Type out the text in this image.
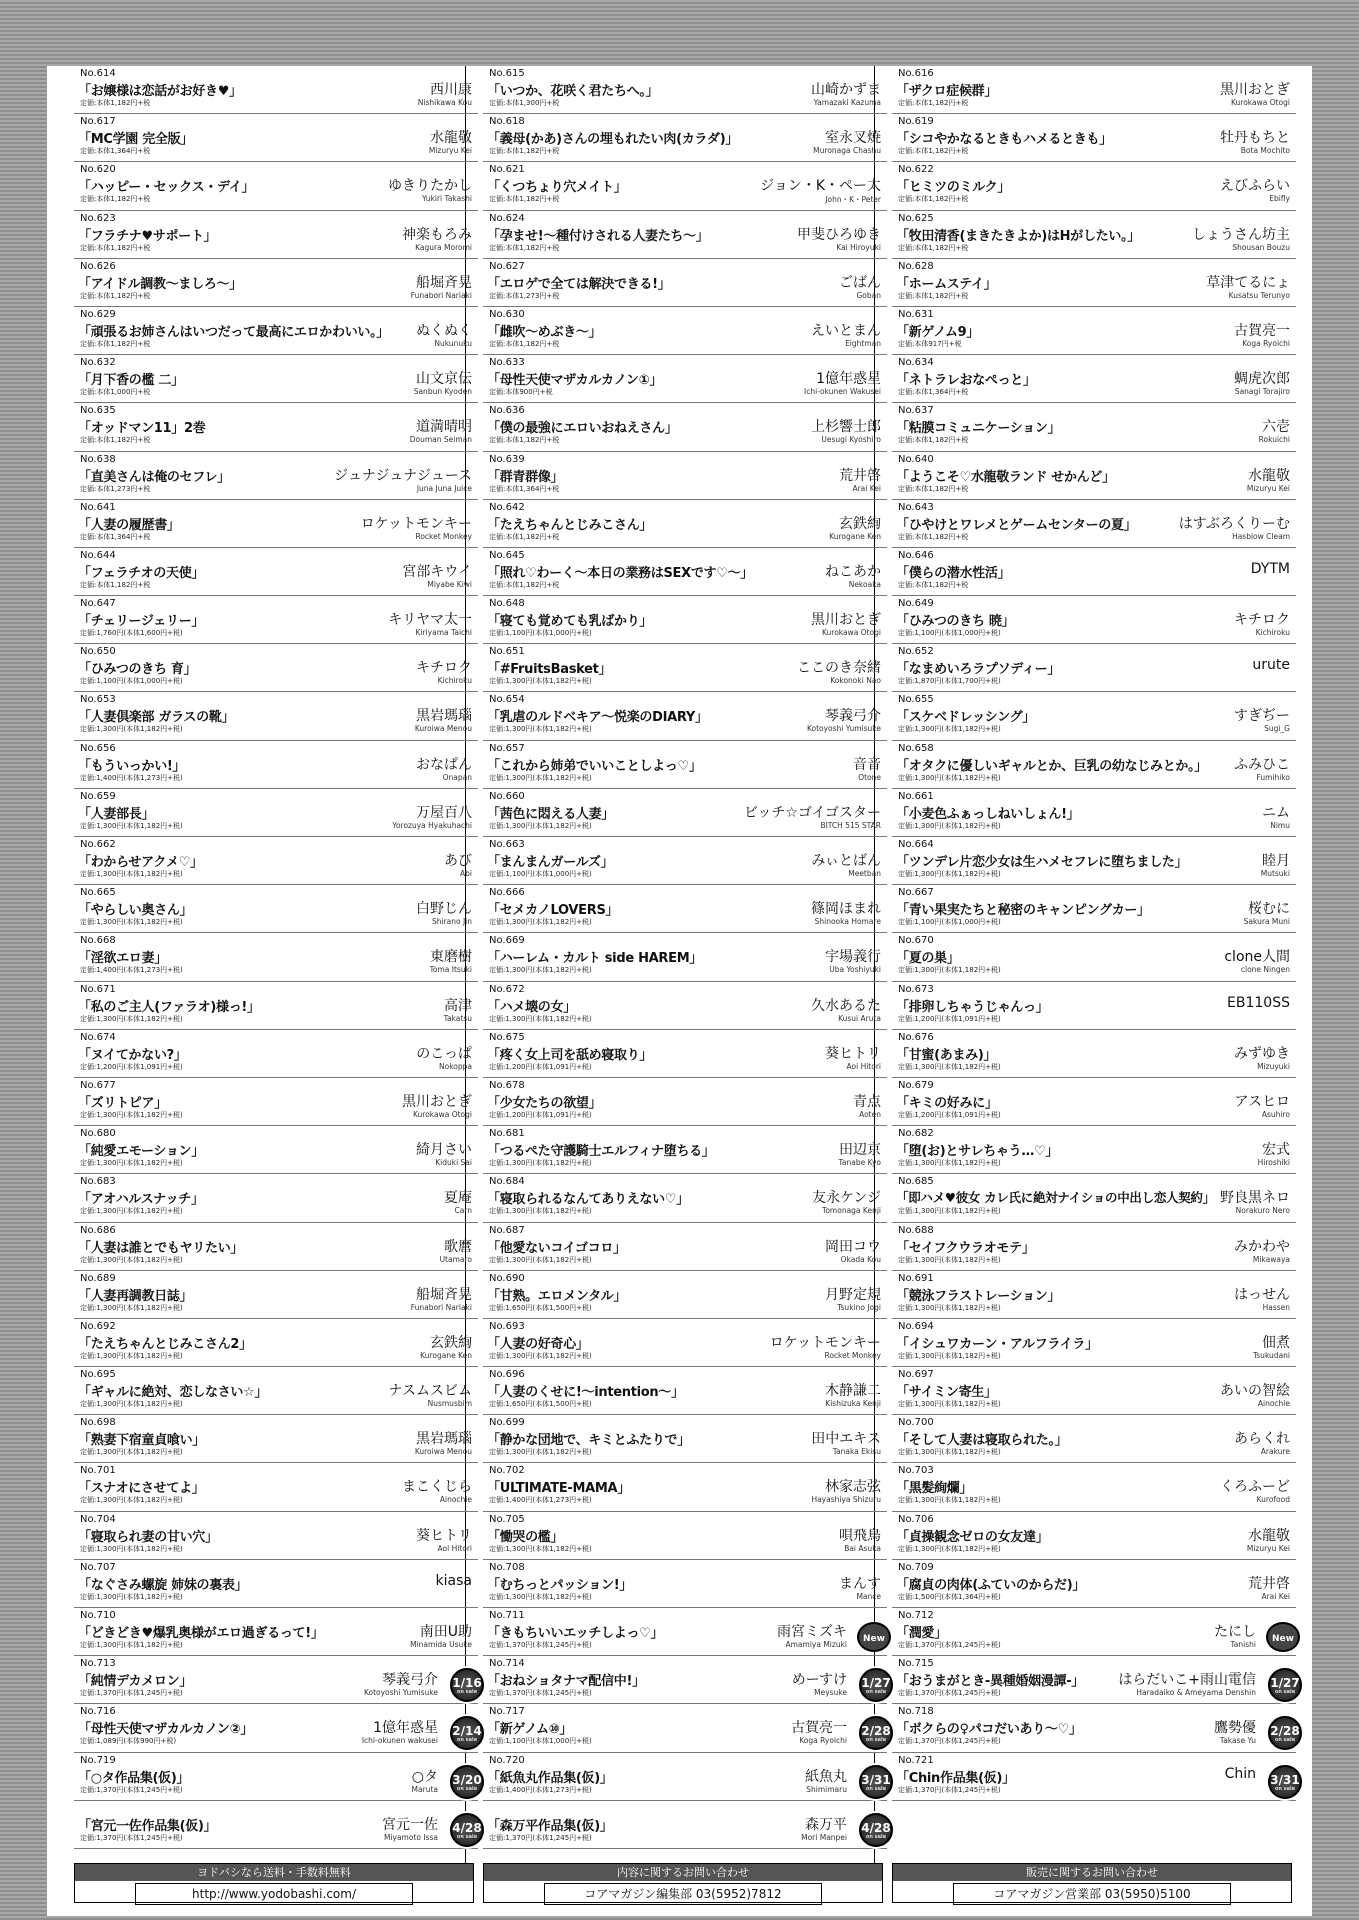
No.614
「お嬢様は恋話がお好き♥」
定価:本体1,182円+税
西川康
Nishikawa Kou
No.617
「MC学園 完全版」
定価:本体1,364円+税
水龍敬
Mizuryu Kei
No.620
「ハッピー・セックス・デイ」
定価:本体1,182円+税
ゆきりたかし
Yukiri Takashi
No.623
「フラチナ♥サポート」
定価:本体1,182円+税
神楽もろみ
Kagura Moromi
No.626
「アイドル調教～ましろ～」
定価:本体1,182円+税
船堀斉晃
Funabori Nariaki
No.629
「頑張るお姉さんはいつだって最高にエロかわいい。」
定価:本体1,182円+税
ぬくぬく
Nukunuku
No.632
「月下香の檻 二」
定価:本体1,000円+税
山文京伝
Sanbun Kyoden
No.635
「オッドマン11」2巻
定価:本体1,182円+税
道満晴明
Douman Seiman
No.638
「直美さんは俺のセフレ」
定価:本体1,273円+税
ジュナジュナジュース
Juna Juna Juice
No.641
「人妻の履歴書」
定価:本体1,364円+税
ロケットモンキー
Rocket Monkey
No.644
「フェラチオの天使」
定価:本体1,182円+税
宮部キウイ
Miyabe Kiwi
No.647
「チェリージェリー」
定価:1,760円(本体1,600円+税)
キリヤマ太一
Kiriyama Taichi
No.650
「ひみつのきち 育」
定価:1,100円(本体1,000円+税)
キチロク
Kichiroku
No.653
「人妻倶楽部 ガラスの靴」
定価:1,300円(本体1,182円+税)
黒岩瑪瑙
Kuroiwa Menou
No.656
「もういっかい!」
定価:1,400円(本体1,273円+税)
おなぱん
Onapan
No.659
「人妻部長」
定価:1,300円(本体1,182円+税)
万屋百八
Yorozuya Hyakuhachi
No.662
「わからせアクメ♡」
定価:1,300円(本体1,182円+税)
あび
Abi
No.665
「やらしい奥さん」
定価:1,300円(本体1,182円+税)
白野じん
Shirano Jin
No.668
「淫欲エロ妻」
定価:1,400円(本体1,273円+税)
東磨樹
Toma Itsuki
No.671
「私のご主人(ファラオ)様っ!」
定価:1,300円(本体1,182円+税)
高津
Takatsu
No.674
「ヌイてかない?」
定価:1,200円(本体1,091円+税)
のこっぱ
Nokoppa
No.677
「ズリトピア」
定価:1,300円(本体1,182円+税)
黒川おとぎ
Kurokawa Otogi
No.680
「純愛エモーション」
定価:1,300円(本体1,182円+税)
綺月さい
Kiduki Sai
No.683
「アオハルスナッチ」
定価:1,300円(本体1,182円+税)
夏庵
Carn
No.686
「人妻は誰とでもヤリたい」
定価:1,300円(本体1,182円+税)
歌麿
Utamaro
No.689
「人妻再調教日誌」
定価:1,300円(本体1,182円+税)
船堀斉晃
Funabori Nariaki
No.692
「たえちゃんとじみこさん2」
定価:1,300円(本体1,182円+税)
玄鉄絢
Kurogane Ken
No.695
「ギャルに絶対、恋しなさい☆」
定価:1,300円(本体1,182円+税)
ナスムスビム
Nusmusbim
No.698
「熟妻下宿童貞喰い」
定価:1,300円(本体1,182円+税)
黒岩瑪瑙
Kuroiwa Menou
No.701
「スナオにさせてよ」
定価:1,300円(本体1,182円+税)
まこくじら
Ainochie
No.704
「寝取られ妻の甘い穴」
定価:1,300円(本体1,182円+税)
葵ヒトリ
Aoi Hitori
No.707
「なぐさみ螺旋 姉妹の裏表」
定価:1,300円(本体1,182円+税)
kiasa
No.710
「どきどき♥爆乳奥様がエロ過ぎるって!」
定価:1,300円(本体1,182円+税)
南田U助
Minamida Usuke
No.713
「純情デカメロン」
定価:1,370円(本体1,245円+税)
琴義弓介
Kotoyoshi Yumisuke
1/16
on sale
No.716
「母性天使マザカルカノン②」
定価:1,089円(本体990円+税)
1億年惑星
Ichi-okunen wakusei
2/14
on sale
No.719
「○タ作品集(仮)」
定価:1,370円(本体1,245円+税)
○タ
Maruta
3/20
on sale
「宮元一佐作品集(仮)」
定価:1,370円(本体1,245円+税)
宮元一佐
Miyamoto Issa
4/28
on sale
No.615
「いつか、花咲く君たちへ。」
定価:本体1,300円+税
山崎かずま
Yamazaki Kazuma
No.618
「義母(かあ)さんの埋もれたい肉(カラダ)」
定価:本体1,182円+税
室永叉焼
Muronaga Chashu
No.621
「くつちょり穴メイト」
定価:本体1,182円+税
ジョン・K・ペー太
John・K・Peter
No.624
「孕ませ!～種付けされる人妻たち～」
定価:本体1,182円+税
甲斐ひろゆき
Kai Hiroyuki
No.627
「エロゲで全ては解決できる!」
定価:本体1,273円+税
ごばん
Goban
No.630
「雌吹～めぶき～」
定価:本体1,182円+税
えいとまん
Eightman
No.633
「母性天使マザカルカノン①」
定価:本体900円+税
1億年惑星
Ichi-okunen Wakusei
No.636
「僕の最強にエロいおねえさん」
定価:本体1,182円+税
上杉響士郎
Uesugi Kyoshiro
No.639
「群青群像」
定価:本体1,364円+税
荒井啓
Arai Kei
No.642
「たえちゃんとじみこさん」
定価:本体1,182円+税
玄鉄絢
Kurogane Ken
No.645
「照れ♡わーく～本日の業務はSEXです♡～」
定価:本体1,182円+税
ねこあか
Nekoaka
No.648
「寝ても覚めても乳ばかり」
定価:1,100円(本体1,000円+税)
黒川おとぎ
Kurokawa Otogi
No.651
「#FruitsBasket」
定価:1,300円(本体1,182円+税)
ここのき奈緒
Kokonoki Nao
No.654
「乳虐のルドベキア～悦楽のDIARY」
定価:1,300円(本体1,182円+税)
琴義弓介
Kotoyoshi Yumisuke
No.657
「これから姉弟でいいことしよっ♡」
定価:1,300円(本体1,182円+税)
音音
Otone
No.660
「茜色に悶える人妻」
定価:1,300円(本体1,182円+税)
ビッチ☆ゴイゴスター
BITCH 515 STAR
No.663
「まんまんガールズ」
定価:1,100円(本体1,000円+税)
みぃとばん
Meetban
No.666
「セメカノLOVERS」
定価:1,300円(本体1,182円+税)
篠岡ほまれ
Shinooka Homare
No.669
「ハーレム・カルト side HAREM」
定価:1,300円(本体1,182円+税)
宇場義行
Uba Yoshiyuki
No.672
「ハメ壊の女」
定価:1,300円(本体1,182円+税)
久水あるた
Kusui Aruta
No.675
「疼く女上司を舐め寝取り」
定価:1,200円(本体1,091円+税)
葵ヒトリ
Aoi Hitori
No.678
「少女たちの欲望」
定価:1,200円(本体1,091円+税)
青点
Aoten
No.681
「つるぺた守護騎士エルフィナ堕ちる」
定価:1,300円(本体1,182円+税)
田辺京
Tanabe Kyo
No.684
「寝取られるなんてありえない♡」
定価:1,300円(本体1,182円+税)
友永ケンジ
Tomonaga Kenji
No.687
「他愛ないコイゴコロ」
定価:1,300円(本体1,182円+税)
岡田コウ
Okada Kou
No.690
「甘熟。エロメンタル」
定価:1,650円(本体1,500円+税)
月野定規
Tsukino Jogi
No.693
「人妻の好奇心」
定価:1,300円(本体1,182円+税)
ロケットモンキー
Rocket Monkey
No.696
「人妻のくせに!～intention～」
定価:1,650円(本体1,500円+税)
木静謙二
Kishizuka Kenji
No.699
「静かな団地で、キミとふたりで」
定価:1,300円(本体1,182円+税)
田中エキス
Tanaka Ekisu
No.702
「ULTIMATE-MAMA」
定価:1,400円(本体1,273円+税)
林家志弦
Hayashiya Shizuru
No.705
「慟哭の檻」
定価:1,300円(本体1,182円+税)
唄飛鳥
Bai Asuka
No.708
「むちっとパッション!」
定価:1,300円(本体1,182円+税)
まんす
Mance
No.711
「きもちいいエッチしよっ♡」
定価:1,370円(本体1,245円+税)
雨宮ミズキ
Amamiya Mizuki
New
No.714
「おねショタナマ配信中!」
定価:1,370円(本体1,245円+税)
めーすけ
Meysuke
1/27
on sale
No.717
「新ゲノム⑩」
定価:1,100円(本体1,000円+税)
古賀亮一
Koga Ryoichi
2/28
on sale
No.720
「紙魚丸作品集(仮)」
定価:1,400円(本体1,273円+税)
紙魚丸
Shimimaru
3/31
on sale
「森万平作品集(仮)」
定価:1,370円(本体1,245円+税)
森万平
Mori Manpei
4/28
on sale
No.616
「ザクロ症候群」
定価:本体1,182円+税
黒川おとぎ
Kurokawa Otogi
No.619
「シコやかなるときもハメるときも」
定価:本体1,182円+税
牡丹もちと
Bota Mochito
No.622
「ヒミツのミルク」
定価:本体1,182円+税
えびふらい
Ebifly
No.625
「牧田清香(まきたきよか)はHがしたい。」
定価:本体1,182円+税
しょうさん坊主
Shousan Bouzu
No.628
「ホームステイ」
定価:本体1,182円+税
草津てるにょ
Kusatsu Terunyo
No.631
「新ゲノム9」
定価:本体917円+税
古賀亮一
Koga Ryoichi
No.634
「ネトラレおなぺっと」
定価:本体1,364円+税
蜩虎次郎
Sanagi Torajiro
No.637
「粘膜コミュニケーション」
定価:本体1,182円+税
六壱
Rokuichi
No.640
「ようこそ♡水龍敬ランド せかんど」
定価:本体1,182円+税
水龍敬
Mizuryu Kei
No.643
「ひやけとワレメとゲームセンターの夏」
定価:本体1,182円+税
はすぶろくりーむ
Hasblow Cleam
No.646
「僕らの潜水性活」
定価:本体1,182円+税
DYTM
No.649
「ひみつのきち 暁」
定価:1,100円(本体1,000円+税)
キチロク
Kichiroku
No.652
「なまめいろラプソディー」
定価:1,870円(本体1,700円+税)
urute
No.655
「スケベドレッシング」
定価:1,300円(本体1,182円+税)
すぎぢー
Sugi_G
No.658
「オタクに優しいギャルとか、巨乳の幼なじみとか。」
定価:1,300円(本体1,182円+税)
ふみひこ
Fumihiko
No.661
「小麦色ふぁっしねいしょん!」
定価:1,300円(本体1,182円+税)
ニム
Nimu
No.664
「ツンデレ片恋少女は生ハメセフレに堕ちました」
定価:1,300円(本体1,182円+税)
睦月
Mutsuki
No.667
「青い果実たちと秘密のキャンピングカー」
定価:1,100円(本体1,000円+税)
桜むに
Sakura Muni
No.670
「夏の巣」
定価:1,300円(本体1,182円+税)
clone人間
clone Ningen
No.673
「排卵しちゃうじゃんっ」
定価:1,200円(本体1,091円+税)
EB110SS
No.676
「甘蜜(あまみ)」
定価:1,300円(本体1,182円+税)
みずゆき
Mizuyuki
No.679
「キミの好みに」
定価:1,200円(本体1,091円+税)
アスヒロ
Asuhiro
No.682
「堕(お)とサレちゃう…♡」
定価:1,300円(本体1,182円+税)
宏式
Hiroshiki
No.685
「即ハメ♥彼女 カレ氏に絶対ナイショの中出し恋人契約」
定価:1,300円(本体1,182円+税)
野良黒ネロ
Norakuro Nero
No.688
「セイフクウラオモテ」
定価:1,300円(本体1,182円+税)
みかわや
Mikawaya
No.691
「競泳フラストレーション」
定価:1,300円(本体1,182円+税)
はっせん
Hassen
No.694
「イシュワカーン・アルフライラ」
定価:1,300円(本体1,182円+税)
佃煮
Tsukudani
No.697
「サイミン寄生」
定価:1,300円(本体1,182円+税)
あいの智絵
Ainochie
No.700
「そして人妻は寝取られた。」
定価:1,300円(本体1,182円+税)
あらくれ
Arakure
No.703
「黒髪絢爛」
定価:1,300円(本体1,182円+税)
くろふーど
Kurofood
No.706
「貞操観念ゼロの女友達」
定価:1,300円(本体1,182円+税)
水龍敬
Mizuryu Kei
No.709
「腐貞の肉体(ふていのからだ)」
定価:1,500円(本体1,364円+税)
荒井啓
Arai Kei
No.712
「潤愛」
定価:1,370円(本体1,245円+税)
たにし
Tanishi
New
No.715
「おうまがとき-異種婚姻漫譚-」
定価:1,370円(本体1,245円+税)
はらだいこ+雨山電信
Haradaiko & Ameyama Denshin
1/27
on sale
No.718
「ボクらの♀パコだいあり～♡」
定価:1,370円(本体1,245円+税)
鷹勢優
Takase Yu
2/28
on sale
No.721
「Chin作品集(仮)」
定価:1,370円(本体1,245円+税)
Chin 3/31
on sale
ヨドバシなら送料・手数料無料
http://www.yodobashi.com/
内容に関するお問い合わせ
コアマガジン編集部 03(5952)7812
販売に関するお問い合わせ
コアマガジン営業部 03(5950)5100
